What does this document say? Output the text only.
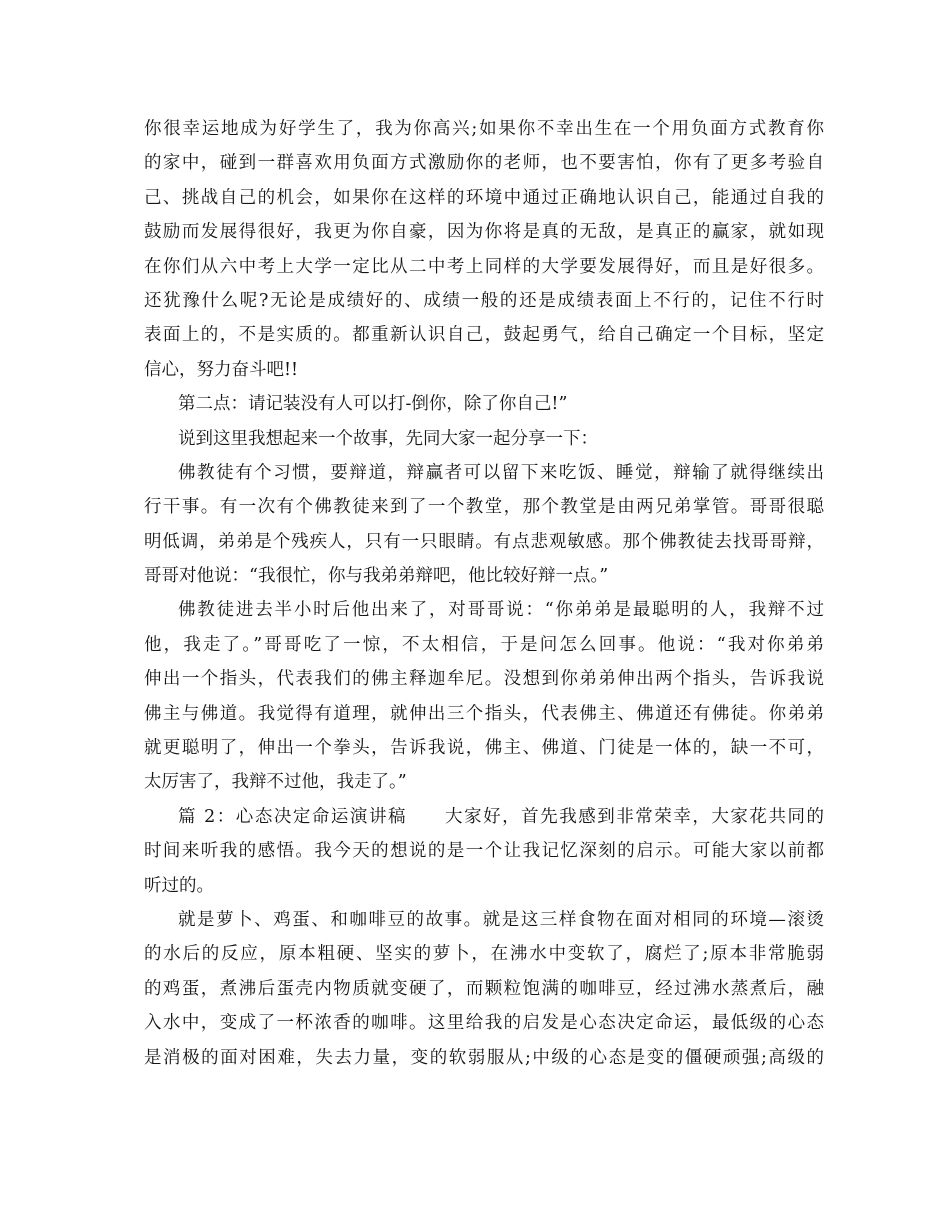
你很幸运地成为好学生了，我为你高兴;如果你不幸出生在一个用负面方式教育你
的家中，碰到一群喜欢用负面方式激励你的老师，也不要害怕，你有了更多考验自
己、挑战自己的机会，如果你在这样的环境中通过正确地认识自己，能通过自我的
鼓励而发展得很好，我更为你自豪，因为你将是真的无敌，是真正的赢家，就如现
在你们从六中考上大学一定比从二中考上同样的大学要发展得好，而且是好很多。
还犹豫什么呢?无论是成绩好的、成绩一般的还是成绩表面上不行的，记住不行时
表面上的，不是实质的。都重新认识自己，鼓起勇气，给自己确定一个目标，坚定
信心，努力奋斗吧!!
第二点：请记装没有人可以打-倒你，除了你自己!”
说到这里我想起来一个故事，先同大家一起分享一下：
佛教徒有个习惯，要辩道，辩赢者可以留下来吃饭、睡觉，辩输了就得继续出
行干事。有一次有个佛教徒来到了一个教堂，那个教堂是由两兄弟掌管。哥哥很聪
明低调，弟弟是个残疾人，只有一只眼睛。有点悲观敏感。那个佛教徒去找哥哥辩，
哥哥对他说：“我很忙，你与我弟弟辩吧，他比较好辩一点。”
佛教徒进去半小时后他出来了，对哥哥说：“你弟弟是最聪明的人，我辩不过
他，我走了。”哥哥吃了一惊，不太相信，于是问怎么回事。他说：“我对你弟弟
伸出一个指头，代表我们的佛主释迦牟尼。没想到你弟弟伸出两个指头，告诉我说
佛主与佛道。我觉得有道理，就伸出三个指头，代表佛主、佛道还有佛徒。你弟弟
就更聪明了，伸出一个拳头，告诉我说，佛主、佛道、门徒是一体的，缺一不可，
太厉害了，我辩不过他，我走了。”
篇 2：心态决定命运演讲稿　　大家好，首先我感到非常荣幸，大家花共同的
时间来听我的感悟。我今天的想说的是一个让我记忆深刻的启示。可能大家以前都
听过的。
就是萝卜、鸡蛋、和咖啡豆的故事。就是这三样食物在面对相同的环境—滚烫
的水后的反应，原本粗硬、坚实的萝卜，在沸水中变软了，腐烂了;原本非常脆弱
的鸡蛋，煮沸后蛋壳内物质就变硬了，而颗粒饱满的咖啡豆，经过沸水蒸煮后，融
入水中，变成了一杯浓香的咖啡。这里给我的启发是心态决定命运，最低级的心态
是消极的面对困难，失去力量，变的软弱服从;中级的心态是变的僵硬顽强;高级的
